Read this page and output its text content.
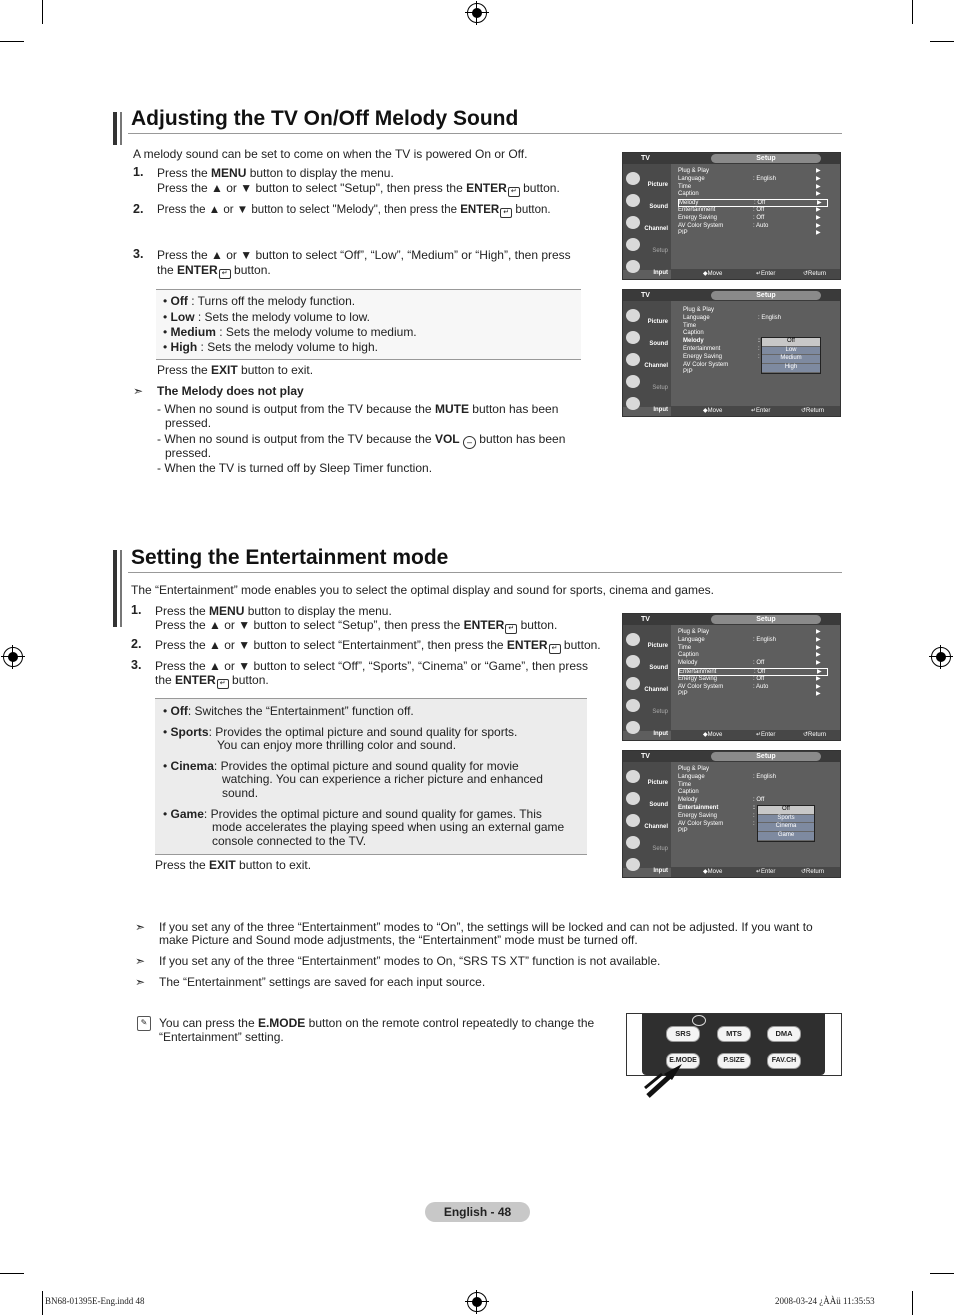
Adjusting the TV On/Off Melody Sound
A melody sound can be set to come on when the TV is powered On or Off.
1. Press the MENU button to display the menu.
Press the ▲ or ▼ button to select "Setup", then press the ENTER ↵ button.
2. Press the ▲ or ▼ button to select "Melody", then press the ENTER ↵ button.
3. Press the ▲ or ▼ button to select “Off”, “Low”, “Medium” or “High”, then press
the ENTER ↵ button.
• Off : Turns off the melody function.
• Low : Sets the melody volume to low.
• Medium : Sets the melody volume to medium.
• High : Sets the melody volume to high.
Press the EXIT button to exit.
➣ The Melody does not play
- When no sound is output from the TV because the MUTE button has been
pressed.
- When no sound is output from the TV because the VOL – button has been
pressed.
- When the TV is turned off by Sleep Timer function.
TV	Setup
Picture
Sound
Channel
Setup
Input
Plug & Play	▶
Language	: English	▶
Time	▶
Caption	▶
Melody	: Off	▶
Entertainment	: Off	▶
Energy Saving	: Off	▶
AV Color System	: Auto	▶
PIP	▶
◆ Move	↵ Enter	↺ Return
TV	Setup
Picture
Sound
Channel
Setup
Input
Plug & Play
Language	: English
Time
Caption
Melody	:
Entertainment	:
Energy Saving	:
AV Color System
PIP
Off
Low
Medium
High
◆ Move	↵ Enter	↺ Return
Setting the Entertainment mode
The “Entertainment” mode enables you to select the optimal display and sound for sports, cinema and games.
1. Press the MENU button to display the menu.
Press the ▲ or ▼ button to select “Setup”, then press the ENTER ↵ button.
2. Press the ▲ or ▼ button to select “Entertainment”, then press the ENTER ↵ button.
3. Press the ▲ or ▼ button to select “Off”, “Sports”, “Cinema” or “Game”, then press
the ENTER ↵ button.
• Off: Switches the “Entertainment” function off.
• Sports: Provides the optimal picture and sound quality for sports.
You can enjoy more thrilling color and sound.
• Cinema: Provides the optimal picture and sound quality for movie
watching. You can experience a richer picture and enhanced
sound.
• Game: Provides the optimal picture and sound quality for games. This
mode accelerates the playing speed when using an external game
console connected to the TV.
Press the EXIT button to exit.
TV	Setup
Picture
Sound
Channel
Setup
Input
Plug & Play	▶
Language	: English	▶
Time	▶
Caption	▶
Melody	: Off	▶
Entertainment	: Off	▶
Energy Saving	: Off	▶
AV Color System	: Auto	▶
PIP	▶
◆ Move	↵ Enter	↺ Return
TV	Setup
Picture
Sound
Channel
Setup
Input
Plug & Play
Language	: English
Time
Caption
Melody	: Off
Entertainment	:
Energy Saving	:
AV Color System	:
PIP
Off
Sports
Cinema
Game
◆ Move	↵ Enter	↺ Return
➣ If you set any of the three “Entertainment” modes to “On”, the settings will be locked and can not be adjusted. If you want to
make Picture and Sound mode adjustments, the “Entertainment” mode must be turned off.
➣ If you set any of the three “Entertainment” modes to On, “SRS TS XT” function is not available.
➣ The “Entertainment” settings are saved for each input source.
✎ You can press the E.MODE button on the remote control repeatedly to change the
“Entertainment” setting.	SRS	MTS	DMA
E.MODE	P.SIZE	FAV.CH
English - 48
BN68-01395E-Eng.indd 48	2008-03-24 ¿ÀÀü 11:35:53
